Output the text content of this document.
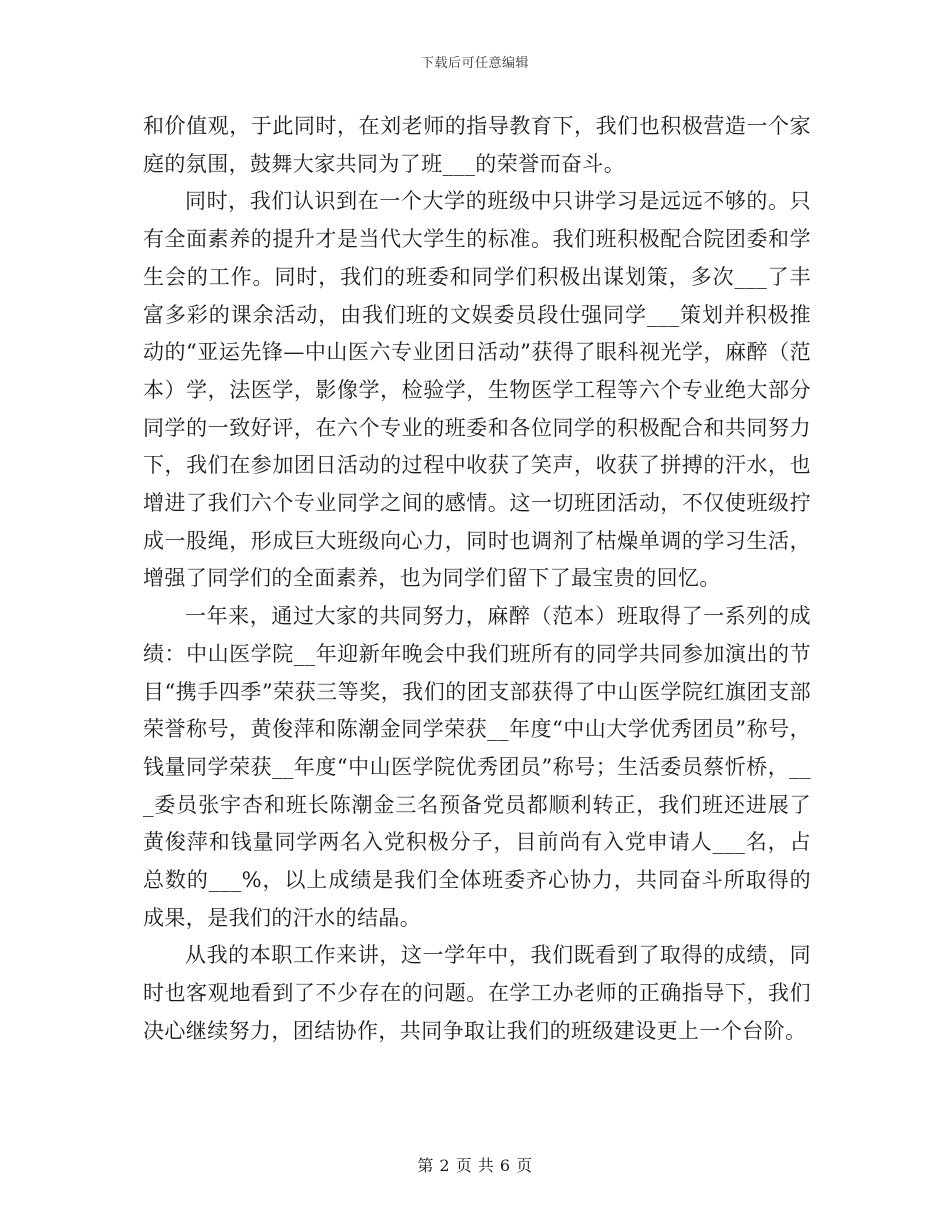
下载后可任意编辑

和价值观，于此同时，在刘老师的指导教育下，我们也积极营造一个家庭的氛围，鼓舞大家共同为了班___的荣誉而奋斗。

同时，我们认识到在一个大学的班级中只讲学习是远远不够的。只有全面素养的提升才是当代大学生的标准。我们班积极配合院团委和学生会的工作。同时，我们的班委和同学们积极出谋划策，多次___了丰富多彩的课余活动，由我们班的文娱委员段仕强同学___策划并积极推动的“亚运先锋—中山医六专业团日活动”获得了眼科视光学，麻醉（范本）学，法医学，影像学，检验学，生物医学工程等六个专业绝大部分同学的一致好评，在六个专业的班委和各位同学的积极配合和共同努力下，我们在参加团日活动的过程中收获了笑声，收获了拼搏的汗水，也增进了我们六个专业同学之间的感情。这一切班团活动，不仅使班级拧成一股绳，形成巨大班级向心力，同时也调剂了枯燥单调的学习生活，增强了同学们的全面素养，也为同学们留下了最宝贵的回忆。

一年来，通过大家的共同努力，麻醉（范本）班取得了一系列的成绩：中山医学院__年迎新年晚会中我们班所有的同学共同参加演出的节目“携手四季”荣获三等奖，我们的团支部获得了中山医学院红旗团支部荣誉称号，黄俊萍和陈潮金同学荣获__年度“中山大学优秀团员”称号，钱量同学荣获__年度“中山医学院优秀团员”称号；生活委员蔡忻桥，___委员张宇杏和班长陈潮金三名预备党员都顺利转正，我们班还进展了黄俊萍和钱量同学两名入党积极分子，目前尚有入党申请人___名，占总数的___%，以上成绩是我们全体班委齐心协力，共同奋斗所取得的成果，是我们的汗水的结晶。

从我的本职工作来讲，这一学年中，我们既看到了取得的成绩，同时也客观地看到了不少存在的问题。在学工办老师的正确指导下，我们决心继续努力，团结协作，共同争取让我们的班级建设更上一个台阶。

第 2 页 共 6 页
